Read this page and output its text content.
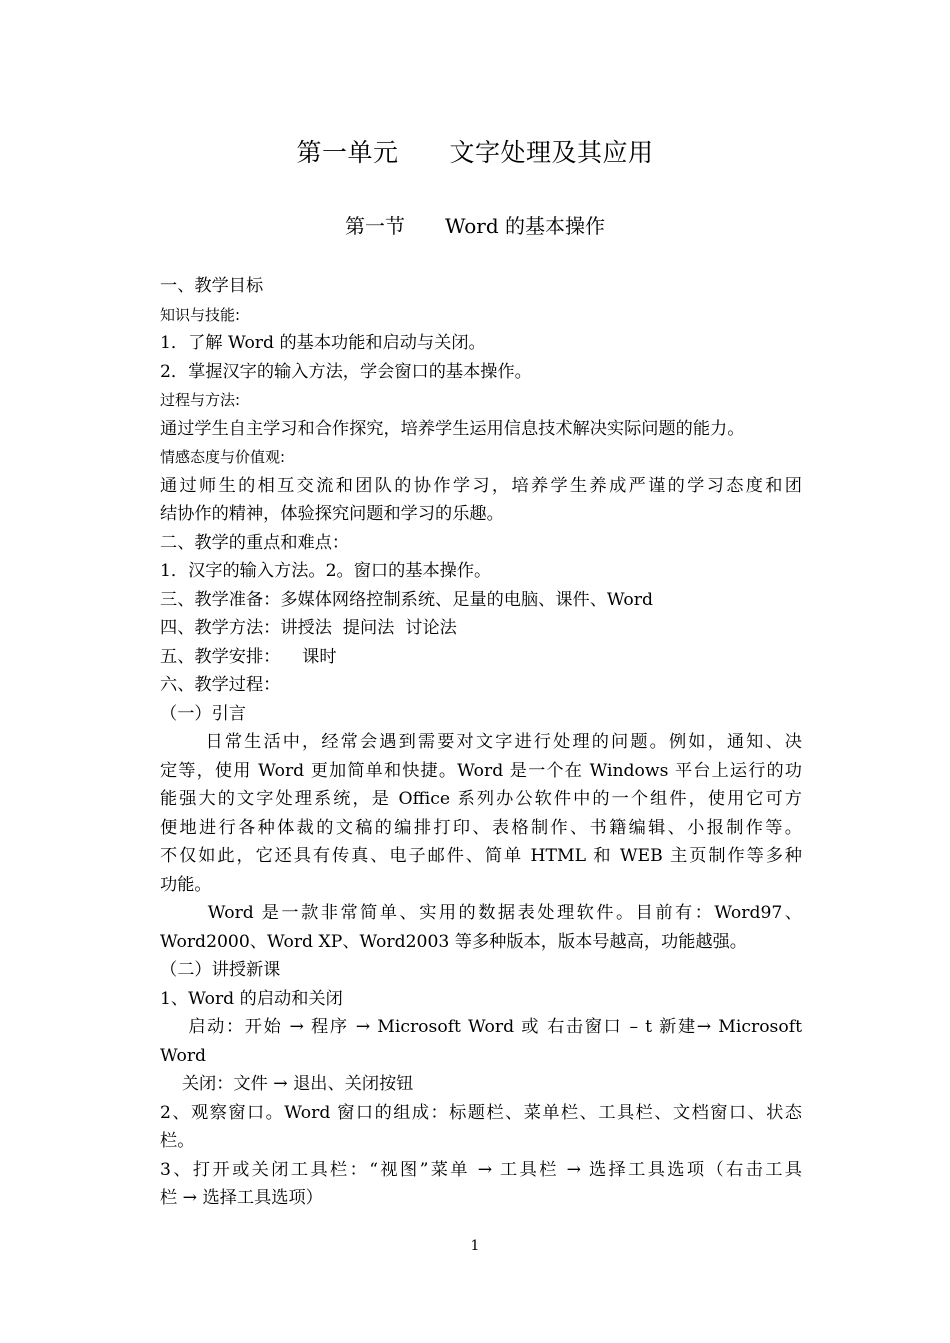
第一单元　　文字处理及其应用
第一节　　Word 的基本操作
一、教学目标
知识与技能:
1．了解 Word 的基本功能和启动与关闭。
2．掌握汉字的输入方法，学会窗口的基本操作。
过程与方法:
通过学生自主学习和合作探究，培养学生运用信息技术解决实际问题的能力。
情感态度与价值观:
通过师生的相互交流和团队的协作学习，培养学生养成严谨的学习态度和团
结协作的精神，体验探究问题和学习的乐趣。
二、教学的重点和难点：
1．汉字的输入方法。2。窗口的基本操作。
三、教学准备：多媒体网络控制系统、足量的电脑、课件、Word
四、教学方法：讲授法  提问法  讨论法
五、教学安排：    课时
六、教学过程：
（一）引言
日常生活中，经常会遇到需要对文字进行处理的问题。例如，通知、决
定等，使用 Word 更加简单和快捷。Word 是一个在 Windows 平台上运行的功
能强大的文字处理系统，是 Office 系列办公软件中的一个组件，使用它可方
便地进行各种体裁的文稿的编排打印、表格制作、书籍编辑、小报制作等。
不仅如此，它还具有传真、电子邮件、简单 HTML 和 WEB 主页制作等多种
功能。
Word 是一款非常简单、实用的数据表处理软件。目前有：Word97、
Word2000、Word XP、Word2003 等多种版本，版本号越高，功能越强。
（二）讲授新课
1、Word 的启动和关闭
启动：开始 → 程序 → Microsoft Word 或 右击窗口 – t 新建→ Microsoft
Word
关闭：文件 → 退出、关闭按钮
2、观察窗口。Word 窗口的组成：标题栏、菜单栏、工具栏、文档窗口、状态
栏。
3、打开或关闭工具栏：“视图”菜单 → 工具栏 → 选择工具选项（右击工具
栏 → 选择工具选项）
1
